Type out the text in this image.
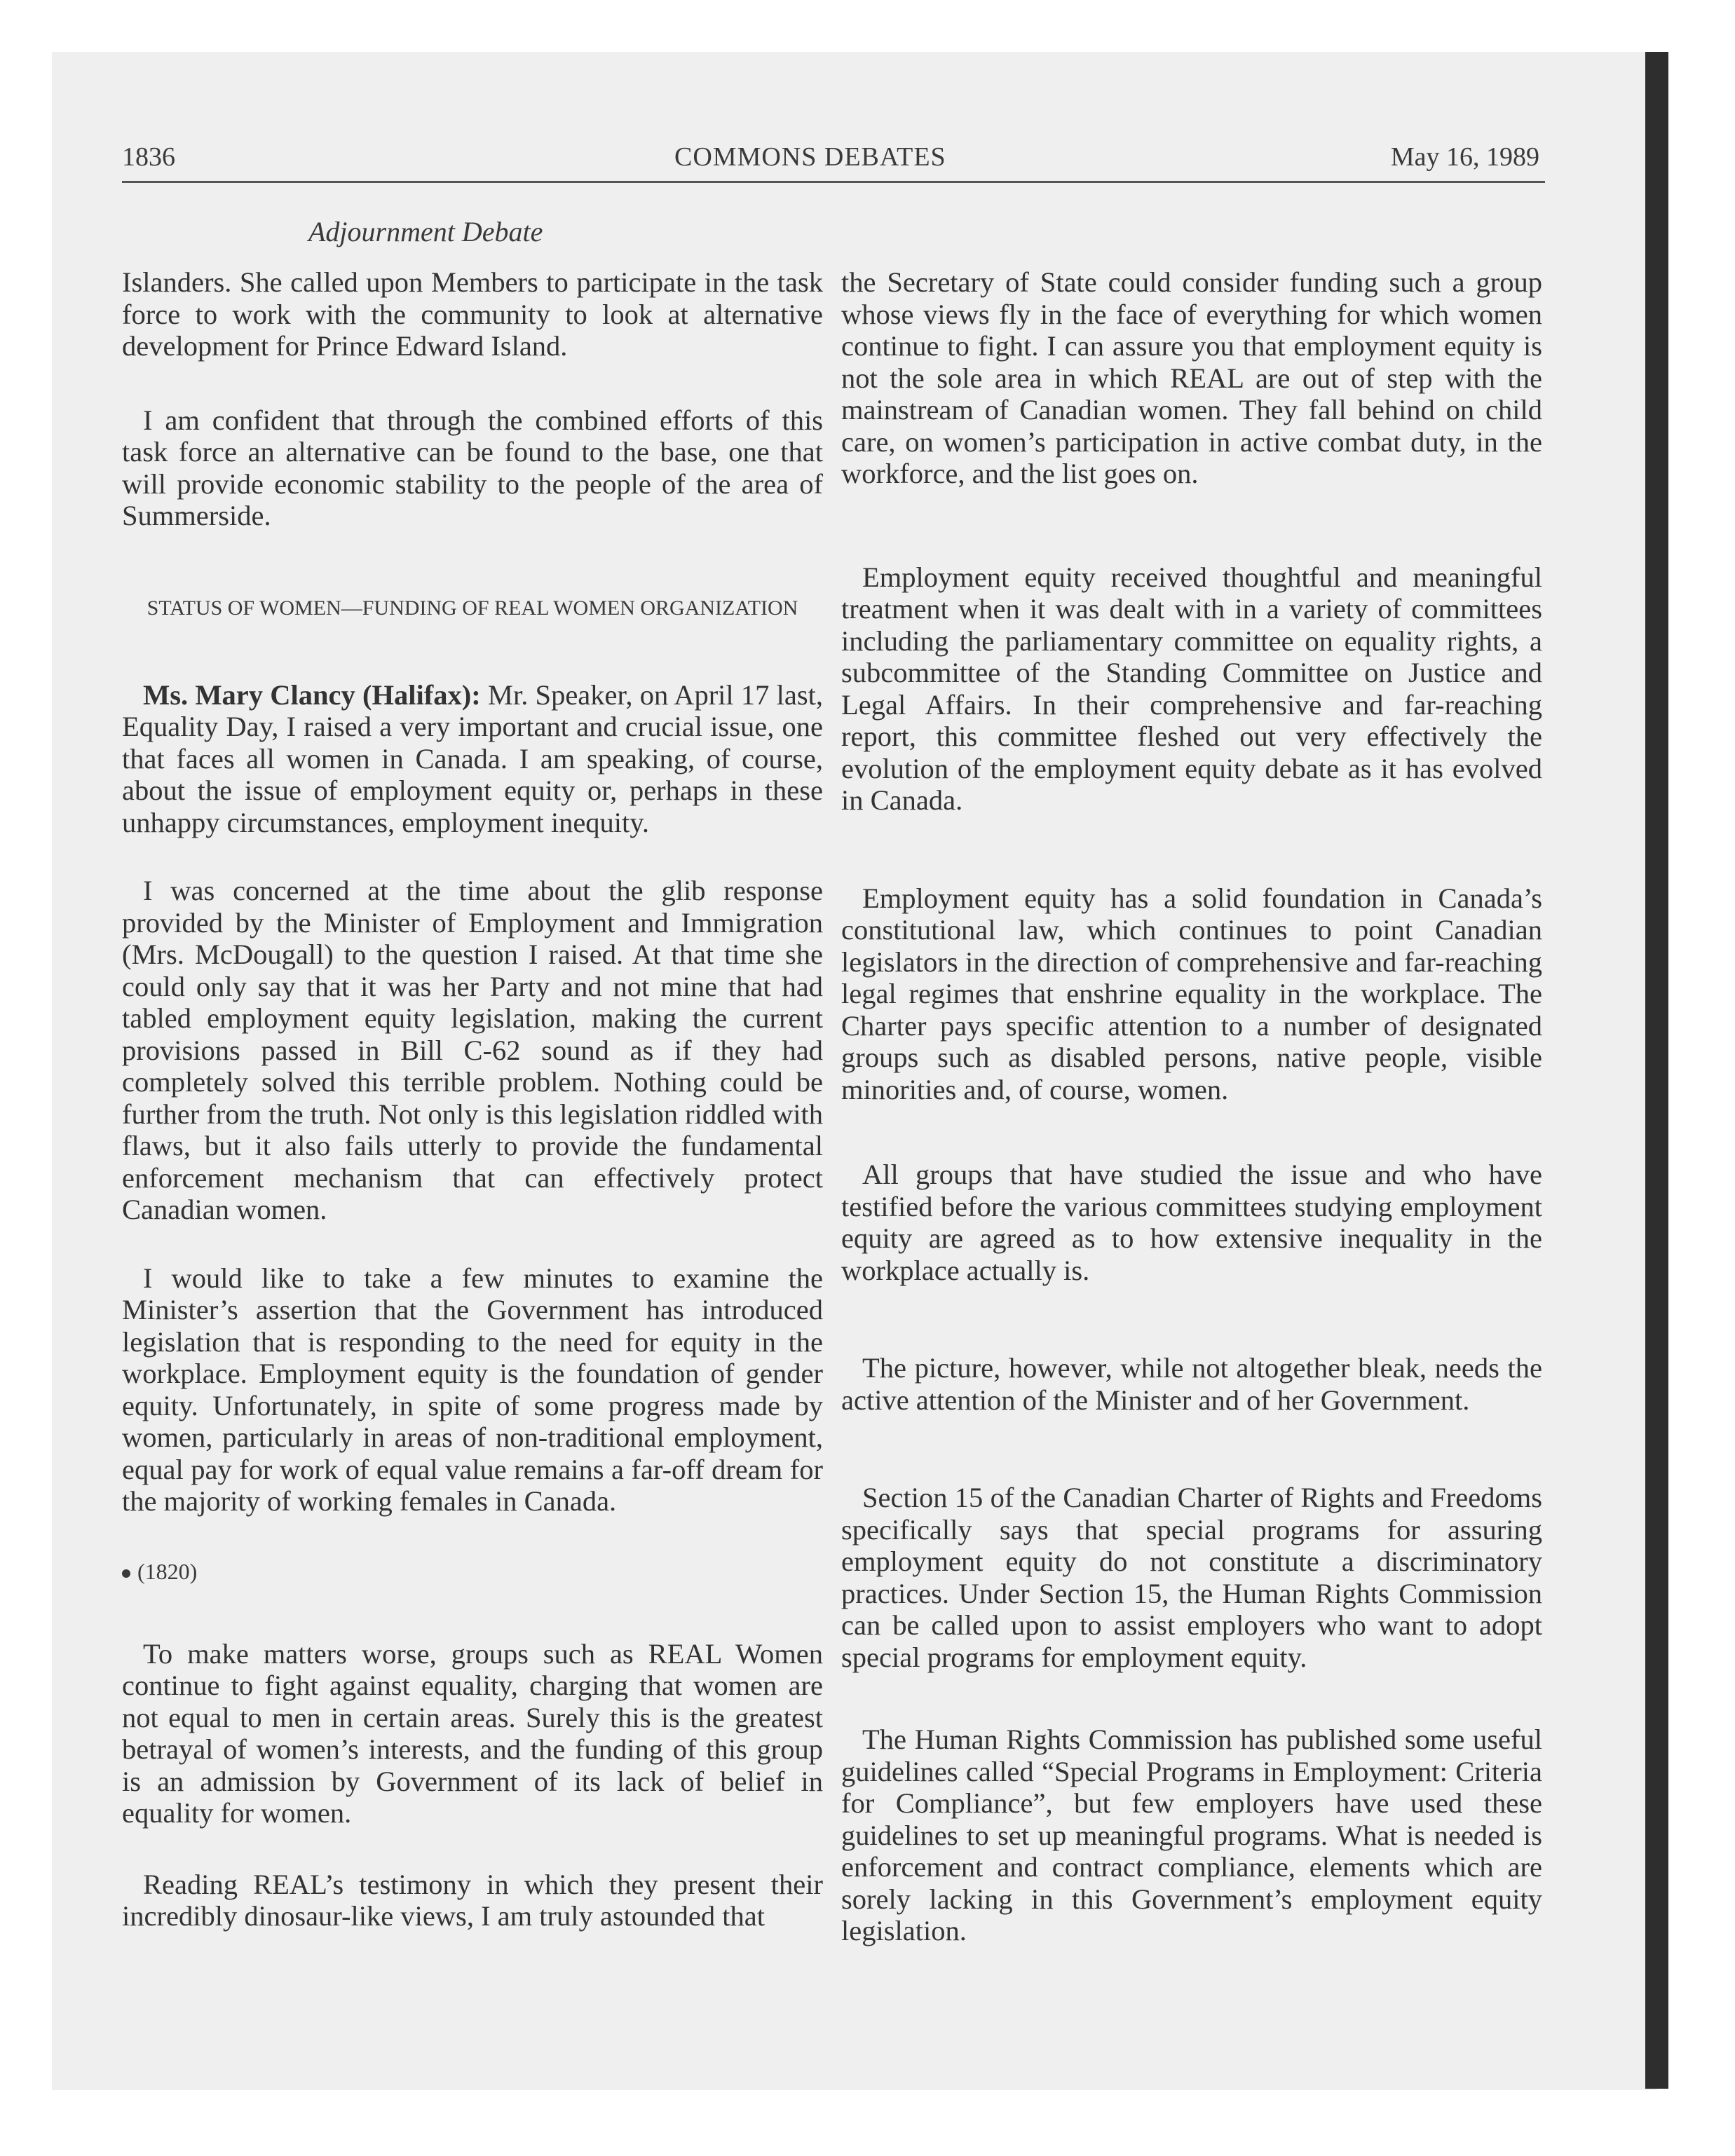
1836	COMMONS DEBATES	May 16, 1989
Adjournment Debate

Islanders. She called upon Members to participate in the task force to work with the community to look at alternative development for Prince Edward Island.

I am confident that through the combined efforts of this task force an alternative can be found to the base, one that will provide economic stability to the people of the area of Summerside.

STATUS OF WOMEN—FUNDING OF REAL WOMEN ORGANIZATION

Ms. Mary Clancy (Halifax): Mr. Speaker, on April 17 last, Equality Day, I raised a very important and crucial issue, one that faces all women in Canada. I am speaking, of course, about the issue of employment equity or, perhaps in these unhappy circumstances, employment inequity.

I was concerned at the time about the glib response provided by the Minister of Employment and Immigration (Mrs. McDougall) to the question I raised. At that time she could only say that it was her Party and not mine that had tabled employment equity legislation, making the current provisions passed in Bill C-62 sound as if they had completely solved this terrible problem. Nothing could be further from the truth. Not only is this legislation riddled with flaws, but it also fails utterly to provide the fundamental enforcement mechanism that can effectively protect Canadian women.

I would like to take a few minutes to examine the Minister’s assertion that the Government has introduced legislation that is responding to the need for equity in the workplace. Employment equity is the foundation of gender equity. Unfortunately, in spite of some progress made by women, particularly in areas of non-traditional employment, equal pay for work of equal value remains a far-off dream for the majority of working females in Canada.

(1820)

To make matters worse, groups such as REAL Women continue to fight against equality, charging that women are not equal to men in certain areas. Surely this is the greatest betrayal of women’s interests, and the funding of this group is an admission by Government of its lack of belief in equality for women.

Reading REAL’s testimony in which they present their incredibly dinosaur-like views, I am truly astounded that

the Secretary of State could consider funding such a group whose views fly in the face of everything for which women continue to fight. I can assure you that employment equity is not the sole area in which REAL are out of step with the mainstream of Canadian women. They fall behind on child care, on women’s participation in active combat duty, in the workforce, and the list goes on.

Employment equity received thoughtful and meaningful treatment when it was dealt with in a variety of committees including the parliamentary committee on equality rights, a subcommittee of the Standing Committee on Justice and Legal Affairs. In their comprehensive and far-reaching report, this committee fleshed out very effectively the evolution of the employment equity debate as it has evolved in Canada.

Employment equity has a solid foundation in Canada’s constitutional law, which continues to point Canadian legislators in the direction of comprehensive and far-reaching legal regimes that enshrine equality in the workplace. The Charter pays specific attention to a number of designated groups such as disabled persons, native people, visible minorities and, of course, women.

All groups that have studied the issue and who have testified before the various committees studying employment equity are agreed as to how extensive inequality in the workplace actually is.

The picture, however, while not altogether bleak, needs the active attention of the Minister and of her Government.

Section 15 of the Canadian Charter of Rights and Freedoms specifically says that special programs for assuring employment equity do not constitute a discriminatory practices. Under Section 15, the Human Rights Commission can be called upon to assist employers who want to adopt special programs for employment equity.

The Human Rights Commission has published some useful guidelines called “Special Programs in Employment: Criteria for Compliance”, but few employers have used these guidelines to set up meaningful programs. What is needed is enforcement and contract compliance, elements which are sorely lacking in this Government’s employment equity legislation.
